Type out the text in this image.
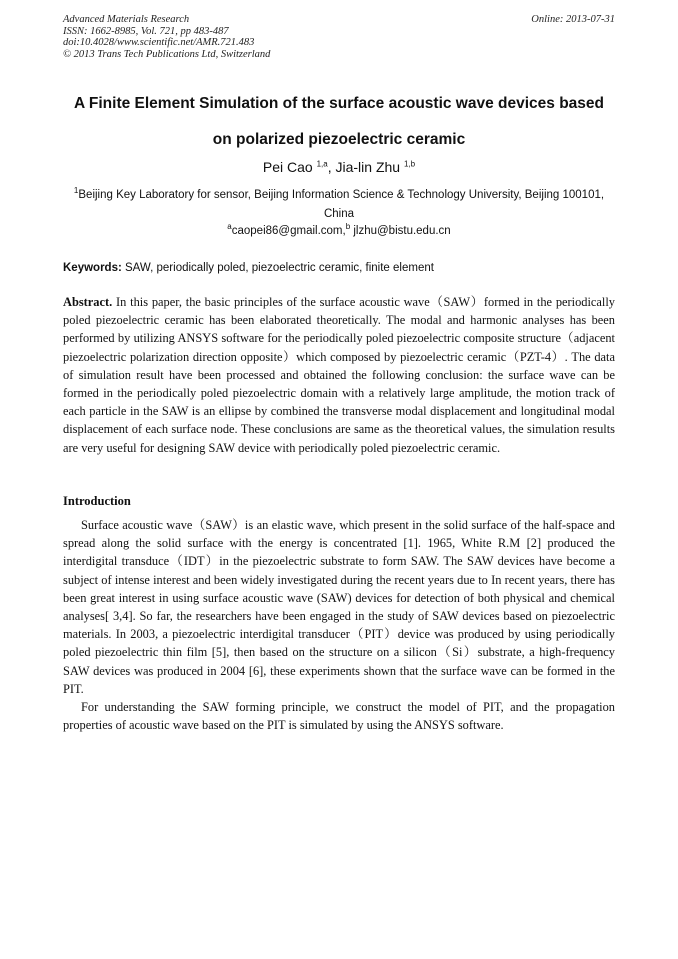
Advanced Materials Research
ISSN: 1662-8985, Vol. 721, pp 483-487
doi:10.4028/www.scientific.net/AMR.721.483
© 2013 Trans Tech Publications Ltd, Switzerland
Online: 2013-07-31
A Finite Element Simulation of the surface acoustic wave devices based
on polarized piezoelectric ceramic
Pei Cao $^{1,a}$, Jia-lin Zhu $^{1,b}$
$^1$Beijing Key Laboratory for sensor, Beijing Information Science & Technology University, Beijing 100101, China
$^a$caopei86@gmail.com,$^b$ jlzhu@bistu.edu.cn
Keywords: SAW, periodically poled, piezoelectric ceramic, finite element
Abstract. In this paper, the basic principles of the surface acoustic wave（SAW）formed in the periodically poled piezoelectric ceramic has been elaborated theoretically. The modal and harmonic analyses has been performed by utilizing ANSYS software for the periodically poled piezoelectric composite structure（adjacent piezoelectric polarization direction opposite）which composed by piezoelectric ceramic（PZT-4）. The data of simulation result have been processed and obtained the following conclusion: the surface wave can be formed in the periodically poled piezoelectric domain with a relatively large amplitude, the motion track of each particle in the SAW is an ellipse by combined the transverse modal displacement and longitudinal modal displacement of each surface node. These conclusions are same as the theoretical values, the simulation results are very useful for designing SAW device with periodically poled piezoelectric ceramic.
Introduction

Surface acoustic wave（SAW）is an elastic wave, which present in the solid surface of the half-space and spread along the solid surface with the energy is concentrated [1]. 1965, White R.M [2] produced the interdigital transduce（IDT）in the piezoelectric substrate to form SAW. The SAW devices have become a subject of intense interest and been widely investigated during the recent years due to In recent years, there has been great interest in using surface acoustic wave (SAW) devices for detection of both physical and chemical analyses[ 3,4]. So far, the researchers have been engaged in the study of SAW devices based on piezoelectric materials. In 2003, a piezoelectric interdigital transducer（PIT）device was produced by using periodically poled piezoelectric thin film [5], then based on the structure on a silicon（Si）substrate, a high-frequency SAW devices was produced in 2004 [6], these experiments shown that the surface wave can be formed in the PIT.

For understanding the SAW forming principle, we construct the model of PIT, and the propagation properties of acoustic wave based on the PIT is simulated by using the ANSYS software.
